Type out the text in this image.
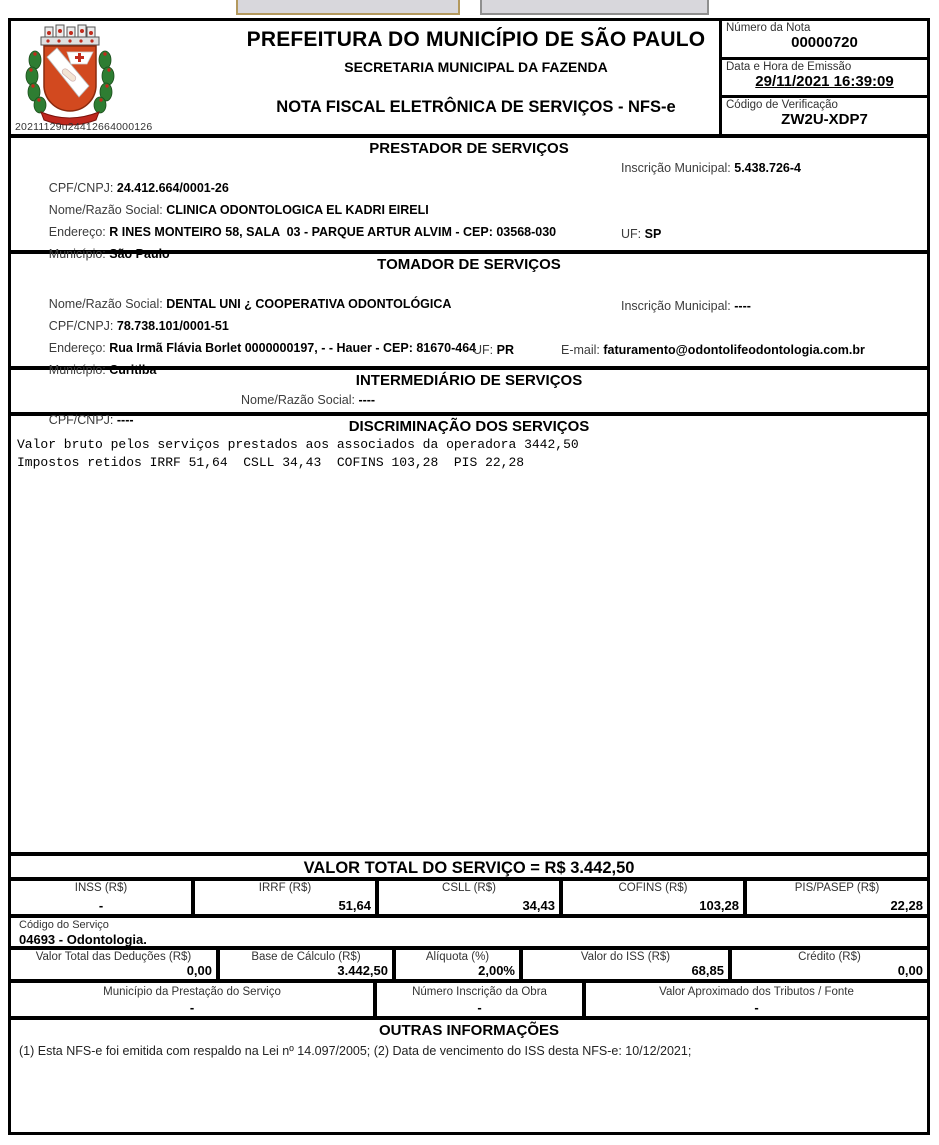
20211129u24412664000126
PREFEITURA DO MUNICÍPIO DE SÃO PAULO
SECRETARIA MUNICIPAL DA FAZENDA
NOTA FISCAL ELETRÔNICA DE SERVIÇOS - NFS-e
Número da Nota
00000720
Data e Hora de Emissão
29/11/2021 16:39:09
Código de Verificação
ZW2U-XDP7
PRESTADOR DE SERVIÇOS

CPF/CNPJ: 24.412.664/0001-26

Inscrição Municipal: 5.438.726-4

Nome/Razão Social: CLINICA ODONTOLOGICA EL KADRI EIRELI

Endereço: R INES MONTEIRO 58, SALA  03 - PARQUE ARTUR ALVIM - CEP: 03568-030

Município: São Paulo

UF: SP

TOMADOR DE SERVIÇOS

Nome/Razão Social: DENTAL UNI ¿ COOPERATIVA ODONTOLÓGICA

CPF/CNPJ: 78.738.101/0001-51

Inscrição Municipal: ----

Endereço: Rua Irmã Flávia Borlet 0000000197, - - Hauer - CEP: 81670-464

Município: Curitiba

UF: PR

	E-mail: faturamento@odontolifeodontologia.com.br

INTERMEDIÁRIO DE SERVIÇOS

CPF/CNPJ: ----

Nome/Razão Social: ----

DISCRIMINAÇÃO DOS SERVIÇOS
Valor bruto pelos serviços prestados aos associados da operadora 3442,50
Impostos retidos IRRF 51,64  CSLL 34,43  COFINS 103,28  PIS 22,28
VALOR TOTAL DO SERVIÇO = R$ 3.442,50
INSS (R$)
-
IRRF (R$)
51,64
CSLL (R$)
34,43
COFINS (R$)
103,28
PIS/PASEP (R$)
22,28
Código do Serviço
04693 - Odontologia.
Valor Total das Deduções (R$)
0,00
Base de Cálculo (R$)
3.442,50
Alíquota (%)
2,00%
Valor do ISS (R$)
68,85
Crédito (R$)
0,00
Município da Prestação do Serviço
-
Número Inscrição da Obra
-
Valor Aproximado dos Tributos / Fonte
-
OUTRAS INFORMAÇÕES
(1) Esta NFS-e foi emitida com respaldo na Lei nº 14.097/2005; (2) Data de vencimento do ISS desta NFS-e: 10/12/2021;
